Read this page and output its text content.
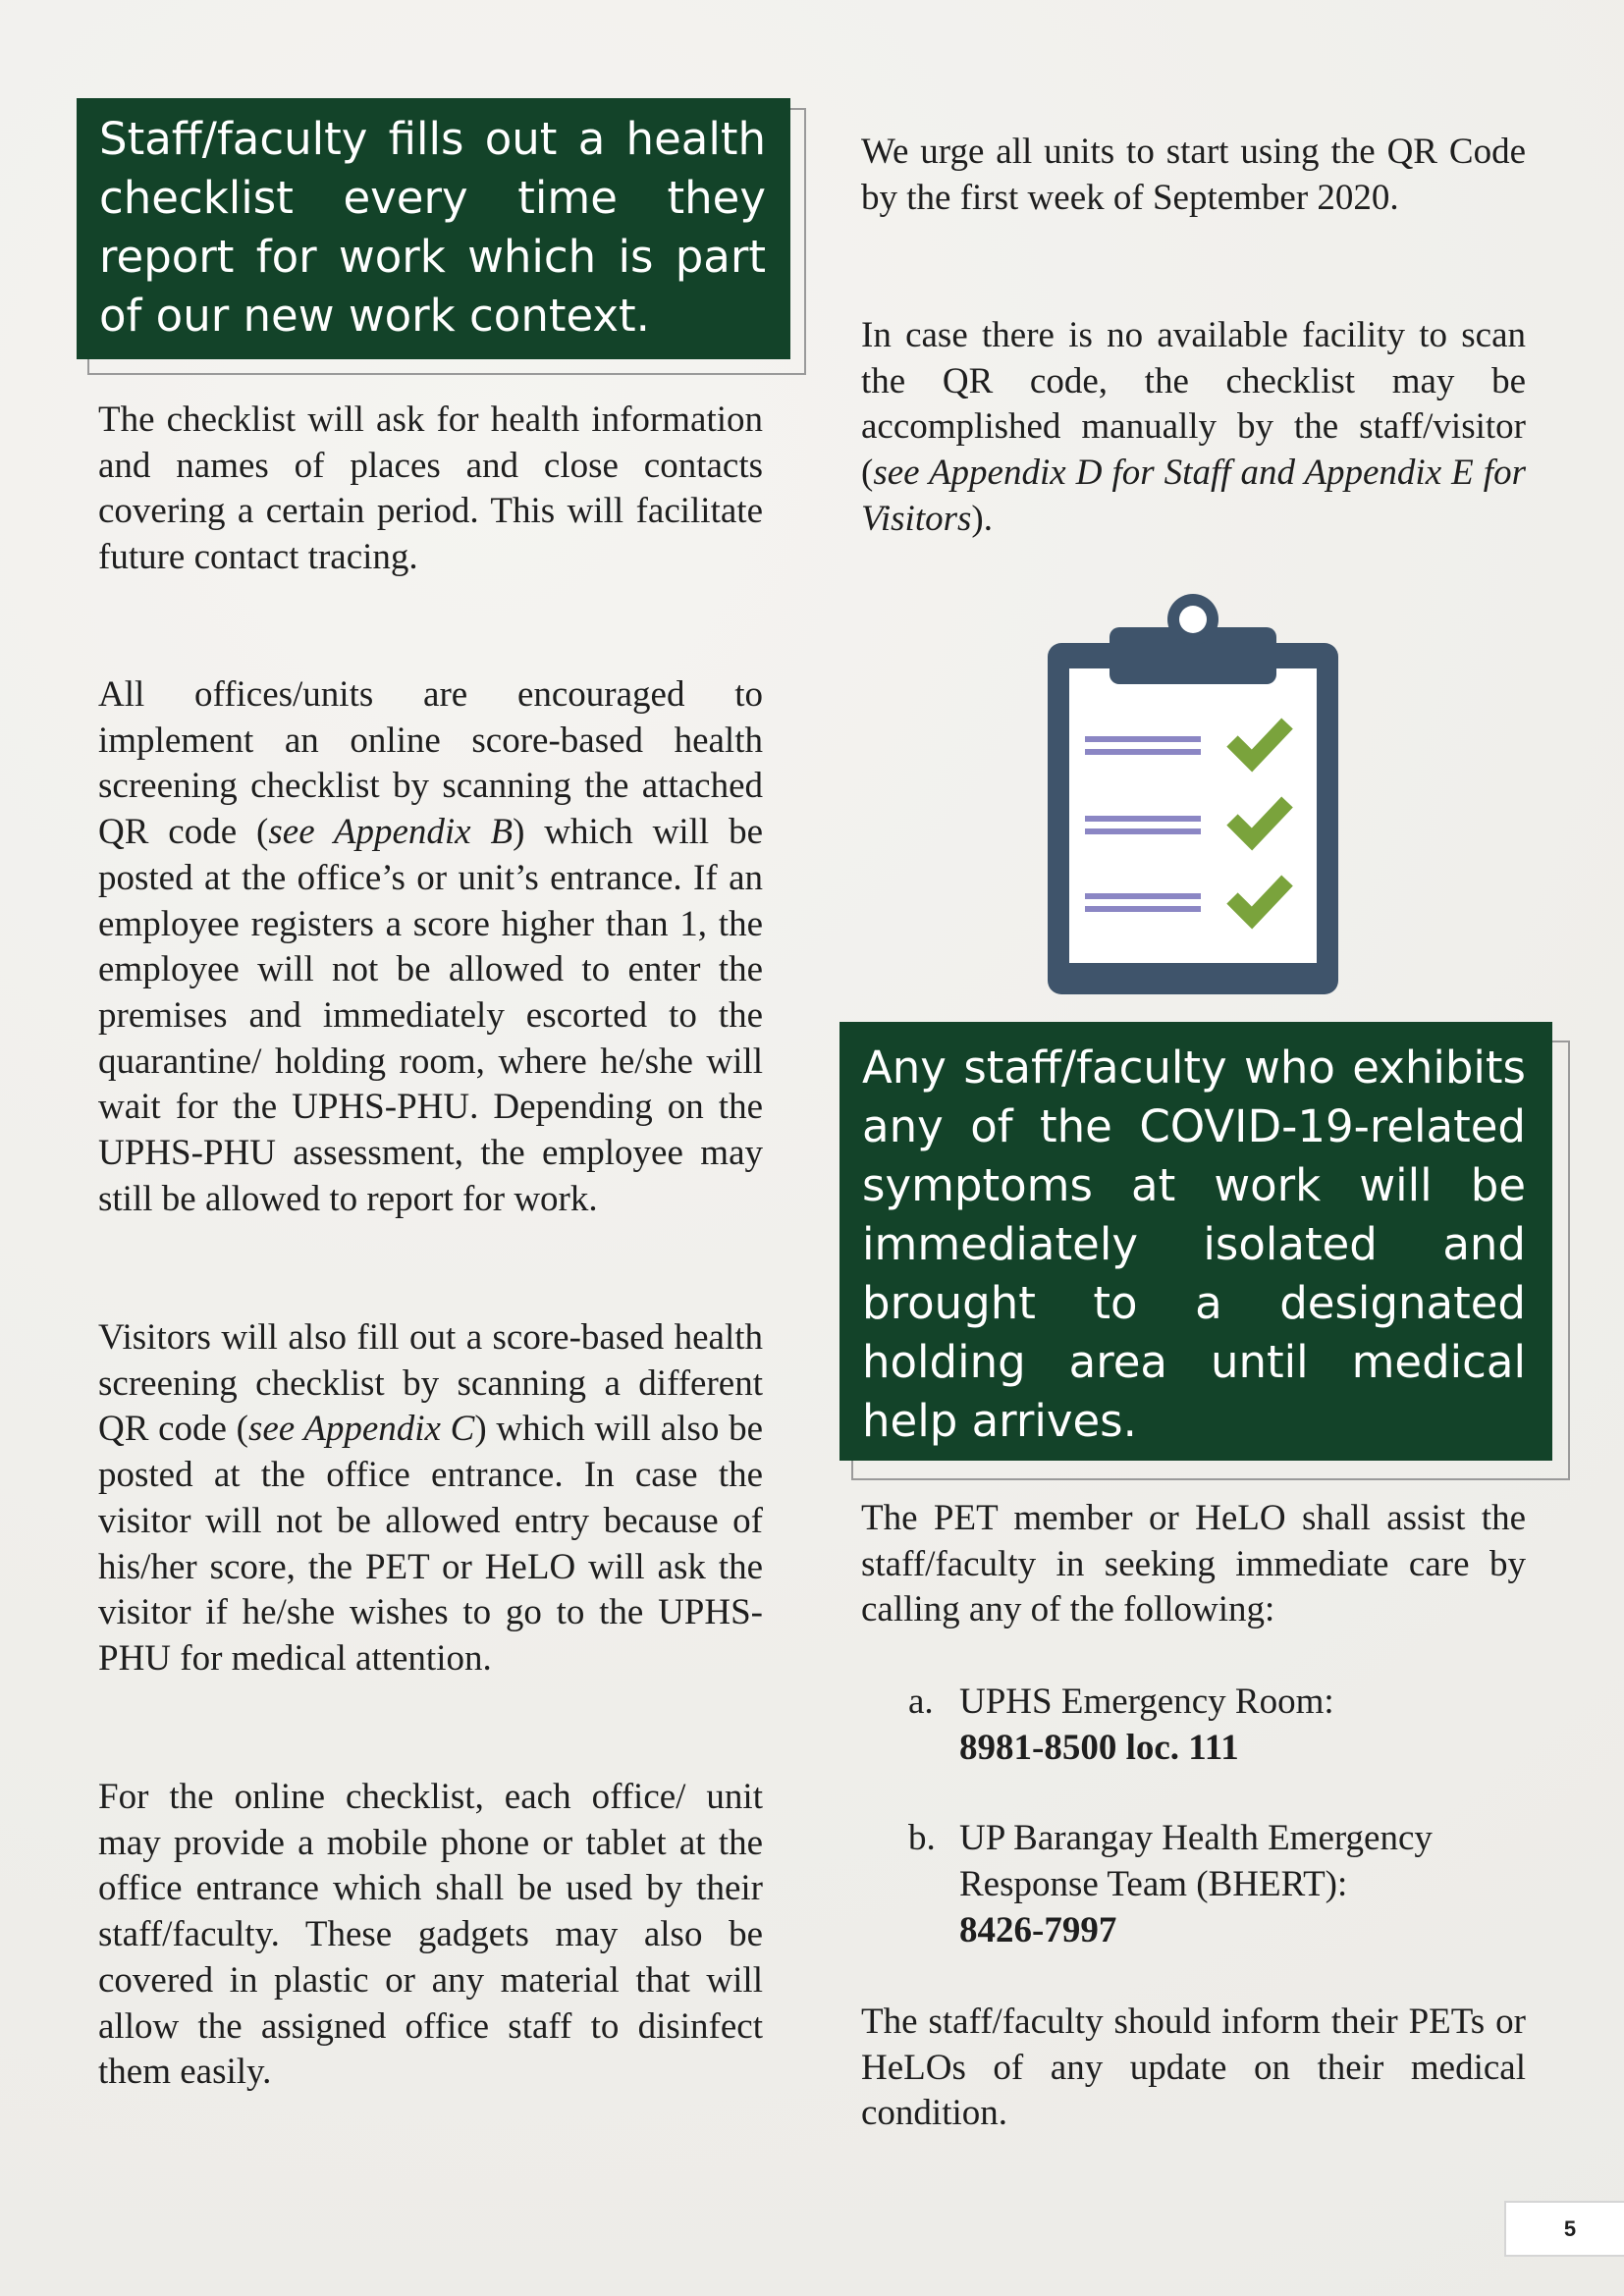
Staff/faculty fills out a health checklist every time they report for work which is part of our new work context.

The checklist will ask for health information and names of places and close contacts covering a certain period. This will facilitate future contact tracing.

All offices/units are encouraged to implement an online score-based health screening checklist by scanning the attached QR code (see Appendix B) which will be posted at the office’s or unit’s entrance. If an employee registers a score higher than 1, the employee will not be allowed to enter the premises and immediately escorted to the quarantine/ holding room, where he/she will wait for the UPHS-PHU. Depending on the UPHS-PHU assessment, the employee may still be allowed to report for work.

Visitors will also fill out a score-based health screening checklist by scanning a different QR code (see Appendix C) which will also be posted at the office entrance. In case the visitor will not be allowed entry because of his/her score, the PET or HeLO will ask the visitor if he/she wishes to go to the UPHS-PHU for medical attention.

For the online checklist, each office/ unit may provide a mobile phone or tablet at the office entrance which shall be used by their staff/faculty. These gadgets may also be covered in plastic or any material that will allow the assigned office staff to disinfect them easily.

We urge all units to start using the QR Code by the first week of September 2020.

In case there is no available facility to scan the QR code, the checklist may be accomplished manually by the staff/visitor (see Appendix D for Staff and Appendix E for Visitors).

Any staff/faculty who exhibits any of the COVID-19-related symptoms at work will be immediately isolated and brought to a designated holding area until medical help arrives.

The PET member or HeLO shall assist the staff/faculty in seeking immediate care by calling any of the following:

a. UPHS Emergency Room:
8981-8500 loc. 111
b. UP Barangay Health Emergency Response Team (BHERT):
8426-7997

The staff/faculty should inform their PETs or HeLOs of any update on their medical condition.

5
